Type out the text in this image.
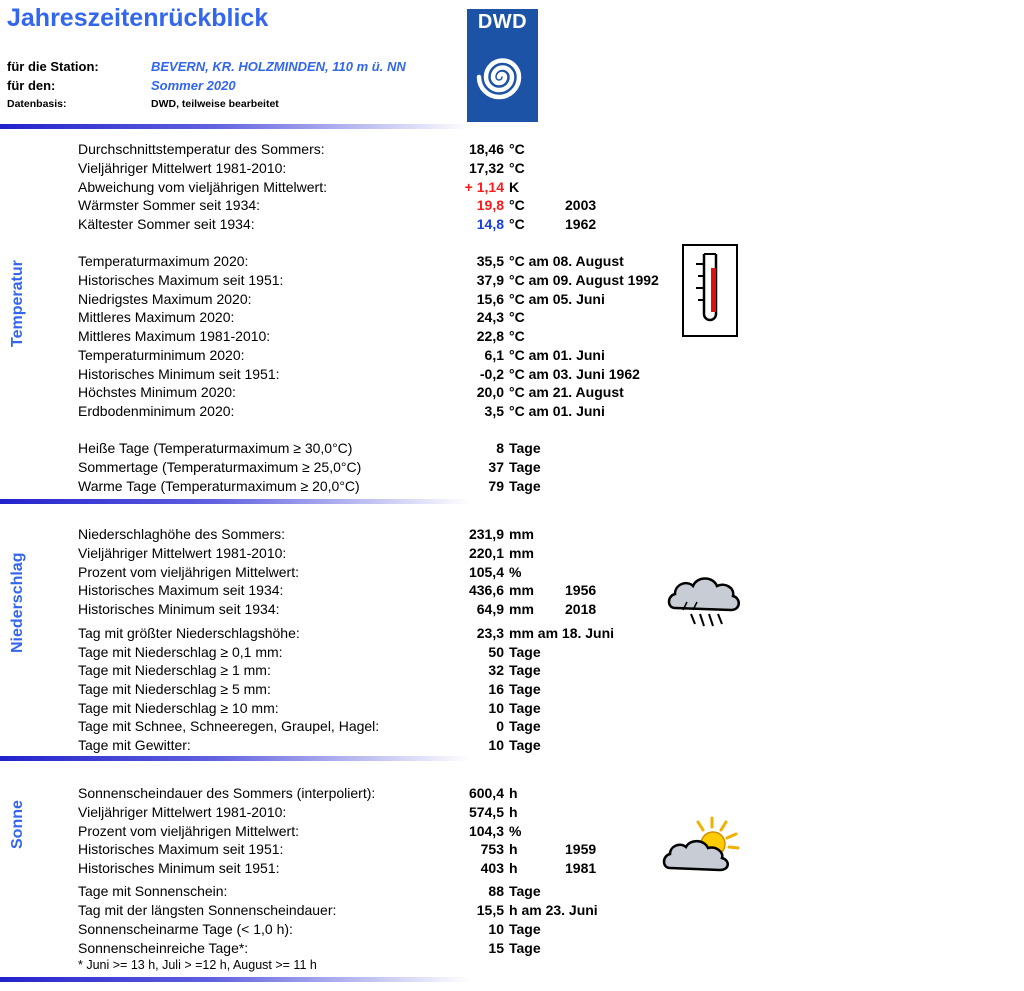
Jahreszeitenrückblick
für die Station:	BEVERN, KR. HOLZMINDEN, 110 m ü. NN
für den:	Sommer 2020
Datenbasis:	DWD, teilweise bearbeitet
DWD
Temperatur
Niederschlag
Sonne
Durchschnittstemperatur des Sommers:	18,46 °C
Vieljähriger Mittelwert 1981-2010:	17,32 °C
Abweichung vom vieljährigen Mittelwert:	+ 1,14 K
Wärmster Sommer seit 1934:	19,8 °C	2003
Kältester Sommer seit 1934:	14,8 °C	1962
Temperaturmaximum 2020:	35,5 °C am 08. August
Historisches Maximum seit 1951:	37,9 °C am 09. August 1992
Niedrigstes Maximum 2020:	15,6 °C am 05. Juni
Mittleres Maximum 2020:	24,3 °C
Mittleres Maximum 1981-2010:	22,8 °C
Temperaturminimum 2020:	6,1 °C am 01. Juni
Historisches Minimum seit 1951:	-0,2 °C am 03. Juni 1962
Höchstes Minimum 2020:	20,0 °C am 21. August
Erdbodenminimum 2020:	3,5 °C am 01. Juni
Heiße Tage (Temperaturmaximum ≥ 30,0°C)	8 Tage
Sommertage (Temperaturmaximum ≥ 25,0°C)	37 Tage
Warme Tage (Temperaturmaximum ≥ 20,0°C)	79 Tage
Niederschlaghöhe des Sommers:	231,9 mm
Vieljähriger Mittelwert 1981-2010:	220,1 mm
Prozent vom vieljährigen Mittelwert:	105,4 %
Historisches Maximum seit 1934:	436,6 mm 1956
Historisches Minimum seit 1934:	64,9 mm 2018
Tag mit größter Niederschlagshöhe:	23,3 mm am 18. Juni
Tage mit Niederschlag ≥ 0,1 mm:	50 Tage
Tage mit Niederschlag ≥ 1 mm:	32 Tage
Tage mit Niederschlag ≥ 5 mm:	16 Tage
Tage mit Niederschlag ≥ 10 mm:	10 Tage
Tage mit Schnee, Schneeregen, Graupel, Hagel:	0 Tage
Tage mit Gewitter:	10 Tage
Sonnenscheindauer des Sommers (interpoliert):	600,4 h
Vieljähriger Mittelwert 1981-2010:	574,5 h
Prozent vom vieljährigen Mittelwert:	104,3 %
Historisches Maximum seit 1951:	753 h	1959
Historisches Minimum seit 1951:	403 h	1981
Tage mit Sonnenschein:	88 Tage
Tag mit der längsten Sonnenscheindauer:	15,5 h am 23. Juni
Sonnenscheinarme Tage (< 1,0 h):	10 Tage
Sonnenscheinreiche Tage*:	15 Tage
* Juni >= 13 h, Juli > =12 h, August >= 11 h
